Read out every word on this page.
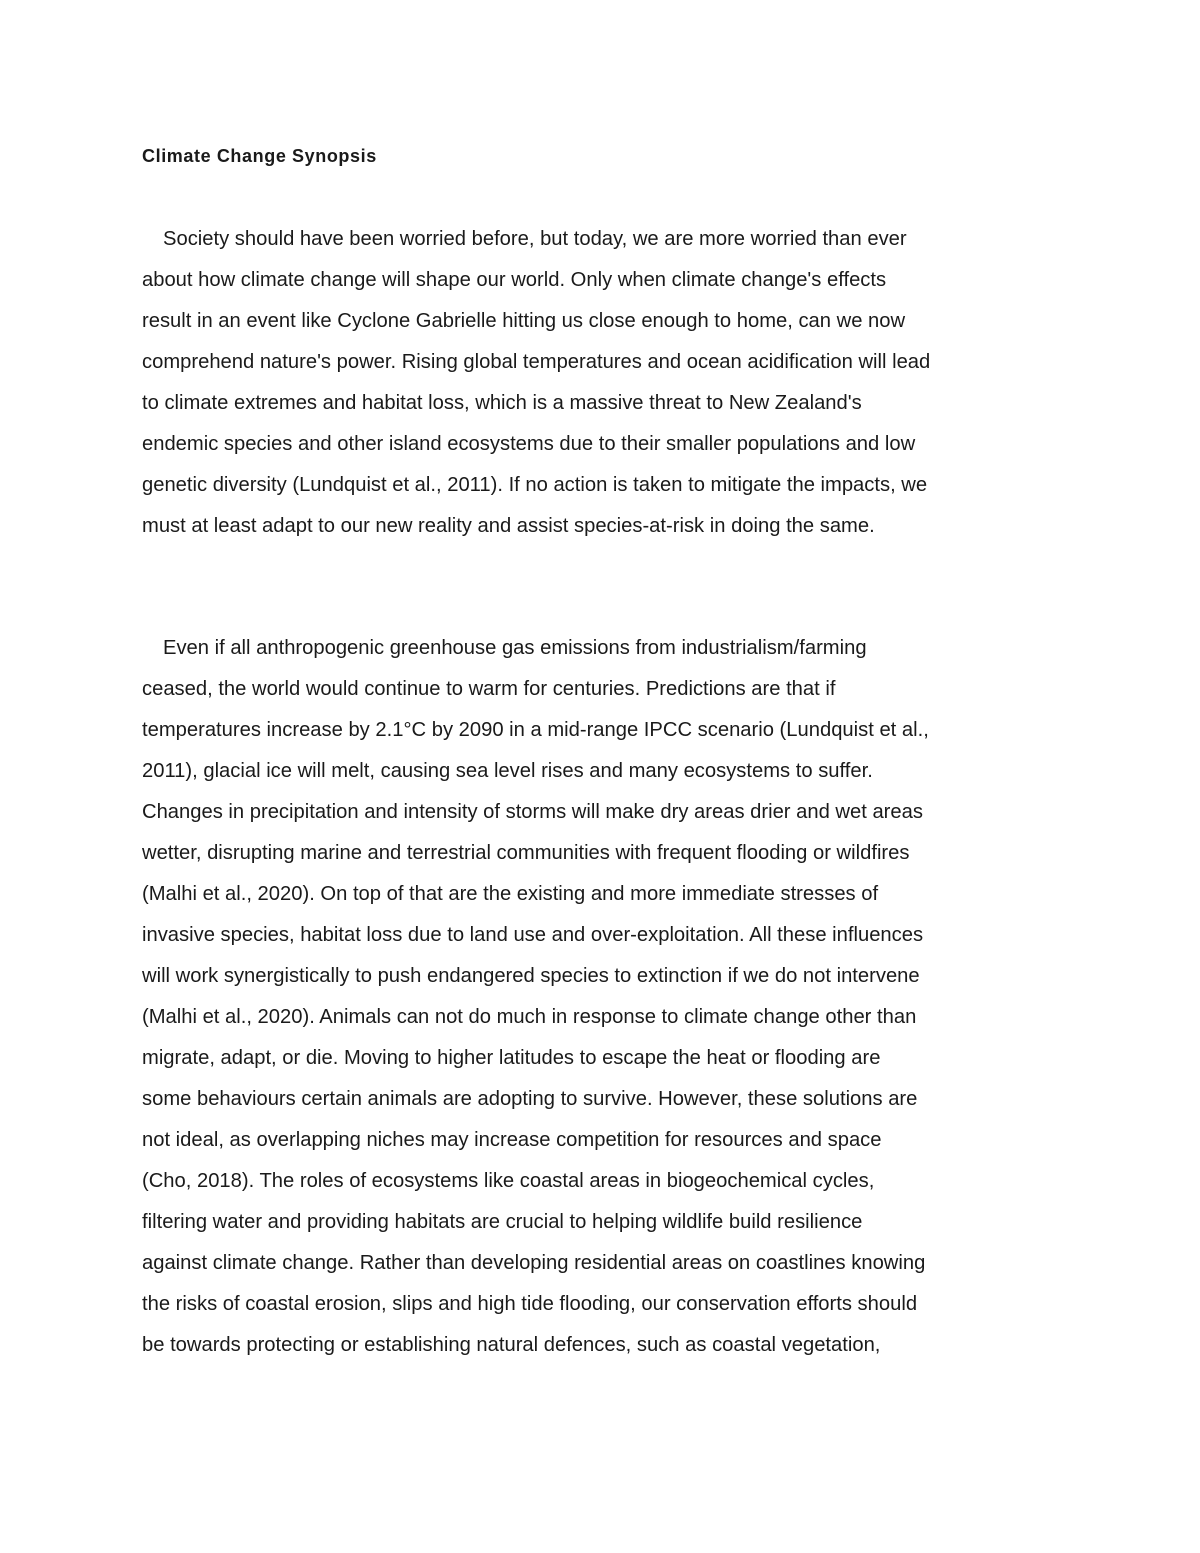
Climate Change Synopsis

Society should have been worried before, but today, we are more worried than ever
about how climate change will shape our world. Only when climate change's effects
result in an event like Cyclone Gabrielle hitting us close enough to home, can we now
comprehend nature's power. Rising global temperatures and ocean acidification will lead
to climate extremes and habitat loss, which is a massive threat to New Zealand's
endemic species and other island ecosystems due to their smaller populations and low
genetic diversity (Lundquist et al., 2011). If no action is taken to mitigate the impacts, we
must at least adapt to our new reality and assist species-at-risk in doing the same.

Even if all anthropogenic greenhouse gas emissions from industrialism/farming
ceased, the world would continue to warm for centuries. Predictions are that if
temperatures increase by 2.1°C by 2090 in a mid-range IPCC scenario (Lundquist et al.,
2011), glacial ice will melt, causing sea level rises and many ecosystems to suffer.
Changes in precipitation and intensity of storms will make dry areas drier and wet areas
wetter, disrupting marine and terrestrial communities with frequent flooding or wildfires
(Malhi et al., 2020). On top of that are the existing and more immediate stresses of
invasive species, habitat loss due to land use and over-exploitation. All these influences
will work synergistically to push endangered species to extinction if we do not intervene
(Malhi et al., 2020). Animals can not do much in response to climate change other than
migrate, adapt, or die. Moving to higher latitudes to escape the heat or flooding are
some behaviours certain animals are adopting to survive. However, these solutions are
not ideal, as overlapping niches may increase competition for resources and space
(Cho, 2018). The roles of ecosystems like coastal areas in biogeochemical cycles,
filtering water and providing habitats are crucial to helping wildlife build resilience
against climate change. Rather than developing residential areas on coastlines knowing
the risks of coastal erosion, slips and high tide flooding, our conservation efforts should
be towards protecting or establishing natural defences, such as coastal vegetation,
